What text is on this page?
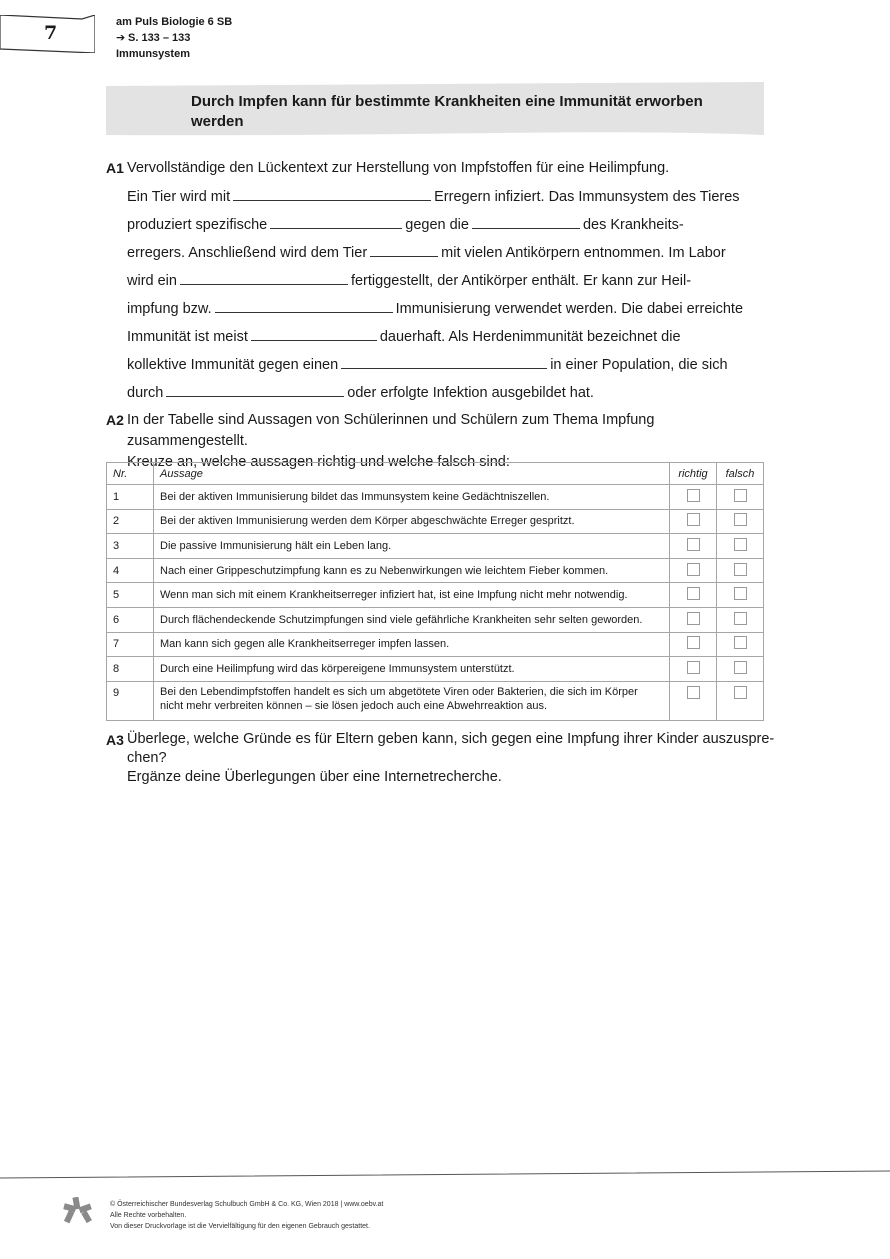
7	am Puls Biologie 6 SB
➔ S. 133 – 133
Immunsystem
Durch Impfen kann für bestimmte Krankheiten eine Immunität erworben werden
A1 Vervollständige den Lückentext zur Herstellung von Impfstoffen für eine Heilimpfung.
Ein Tier wird mit	Erregern infiziert. Das Immunsystem des Tieres
produziert spezifische	gegen die	des Krankheits-
erregers. Anschließend wird dem Tier	mit vielen Antikörpern entnommen. Im Labor
wird ein	fertiggestellt, der Antikörper enthält. Er kann zur Heil-
impfung bzw.	Immunisierung verwendet werden. Die dabei erreichte
Immunität ist meist	dauerhaft. Als Herdenimmunität bezeichnet die
kollektive Immunität gegen einen	in einer Population, die sich
durch	oder erfolgte Infektion ausgebildet hat.
A2 In der Tabelle sind Aussagen von Schülerinnen und Schülern zum Thema Impfung zusammengestellt.
Kreuze an, welche aussagen richtig und welche falsch sind:
Nr.	Aussage	richtig	falsch
1	Bei der aktiven Immunisierung bildet das Immunsystem keine Gedächtniszellen.		
2	Bei der aktiven Immunisierung werden dem Körper abgeschwächte Erreger gespritzt.		
3	Die passive Immunisierung hält ein Leben lang.		
4	Nach einer Grippeschutzimpfung kann es zu Nebenwirkungen wie leichtem Fieber kommen.		
5	Wenn man sich mit einem Krankheitserreger infiziert hat, ist eine Impfung nicht mehr notwendig.		
6	Durch flächendeckende Schutzimpfungen sind viele gefährliche Krankheiten sehr selten geworden.		
7	Man kann sich gegen alle Krankheitserreger impfen lassen.		
8	Durch eine Heilimpfung wird das körpereigene Immunsystem unterstützt.		
9	Bei den Lebendimpfstoffen handelt es sich um abgetötete Viren oder Bakterien, die sich im Körper
nicht mehr verbreiten können – sie lösen jedoch auch eine Abwehrreaktion aus.		

A3 Überlege, welche Gründe es für Eltern geben kann, sich gegen eine Impfung ihrer Kinder auszuspre-
chen?
Ergänze deine Überlegungen über eine Internetrecherche.
© Österreichischer Bundesverlag Schulbuch GmbH & Co. KG, Wien 2018 | www.oebv.at
Alle Rechte vorbehalten.
Von dieser Druckvorlage ist die Vervielfältigung für den eigenen Gebrauch gestattet.
